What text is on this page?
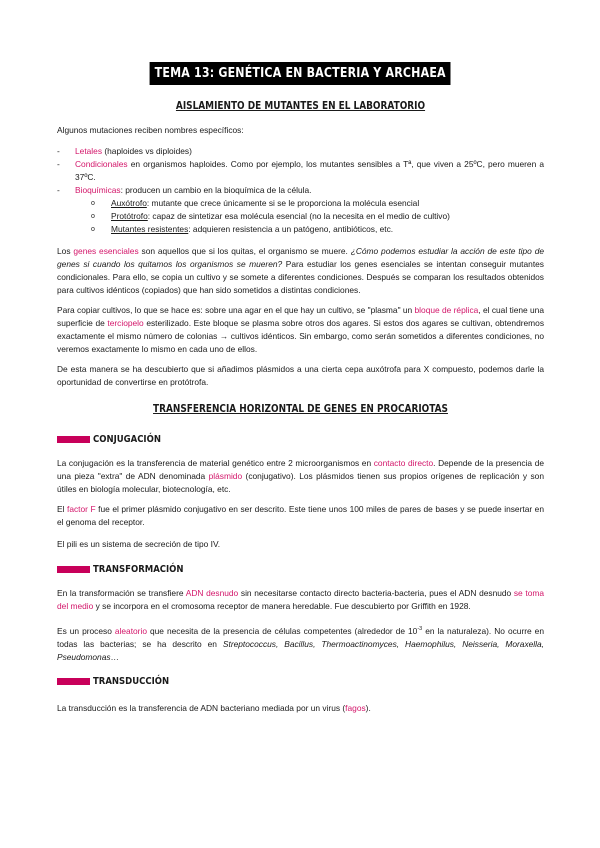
TEMA 13: GENÉTICA EN BACTERIA Y ARCHAEA
AISLAMIENTO DE MUTANTES EN EL LABORATORIO

Algunos mutaciones reciben nombres específicos:

- Letales (haploides vs diploides)
- Condicionales en organismos haploides. Como por ejemplo, los mutantes sensibles a Tª, que viven a 25ºC, pero mueren a 37ºC.
- Bioquímicas: producen un cambio en la bioquímica de la célula.
o Auxótrofo: mutante que crece únicamente si se le proporciona la molécula esencial
o Protótrofo: capaz de sintetizar esa molécula esencial (no la necesita en el medio de cultivo)
o Mutantes resistentes: adquieren resistencia a un patógeno, antibióticos, etc.

Los genes esenciales son aquellos que si los quitas, el organismo se muere. ¿Cómo podemos estudiar la acción de este tipo de genes si cuando los quitamos los organismos se mueren? Para estudiar los genes esenciales se intentan conseguir mutantes condicionales. Para ello, se copia un cultivo y se somete a diferentes condiciones. Después se comparan los resultados obtenidos para cultivos idénticos (copiados) que han sido sometidos a distintas condiciones.

Para copiar cultivos, lo que se hace es: sobre una agar en el que hay un cultivo, se "plasma" un bloque de réplica, el cual tiene una superficie de terciopelo esterilizado. Este bloque se plasma sobre otros dos agares. Si estos dos agares se cultivan, obtendremos exactamente el mismo número de colonias → cultivos idénticos. Sin embargo, como serán sometidos a diferentes condiciones, no veremos exactamente lo mismo en cada uno de ellos.

De esta manera se ha descubierto que si añadimos plásmidos a una cierta cepa auxótrofa para X compuesto, podemos darle la oportunidad de convertirse en protótrofa.

TRANSFERENCIA HORIZONTAL DE GENES EN PROCARIOTAS
CONJUGACIÓN

La conjugación es la transferencia de material genético entre 2 microorganismos en contacto directo. Depende de la presencia de una pieza "extra" de ADN denominada plásmido (conjugativo). Los plásmidos tienen sus propios orígenes de replicación y son útiles en biología molecular, biotecnología, etc.

El factor F fue el primer plásmido conjugativo en ser descrito. Este tiene unos 100 miles de pares de bases y se puede insertar en el genoma del receptor.

El pili es un sistema de secreción de tipo IV.

TRANSFORMACIÓN

En la transformación se transfiere ADN desnudo sin necesitarse contacto directo bacteria-bacteria, pues el ADN desnudo se toma del medio y se incorpora en el cromosoma receptor de manera heredable. Fue descubierto por Griffith en 1928.

Es un proceso aleatorio que necesita de la presencia de células competentes (alrededor de $10^{-3}$ en la naturaleza). No ocurre en todas las bacterias; se ha descrito en Streptococcus, Bacillus, Thermoactinomyces, Haemophilus, Neisseria, Moraxella, Pseudomonas…

TRANSDUCCIÓN

La transducción es la transferencia de ADN bacteriano mediada por un virus (fagos).
